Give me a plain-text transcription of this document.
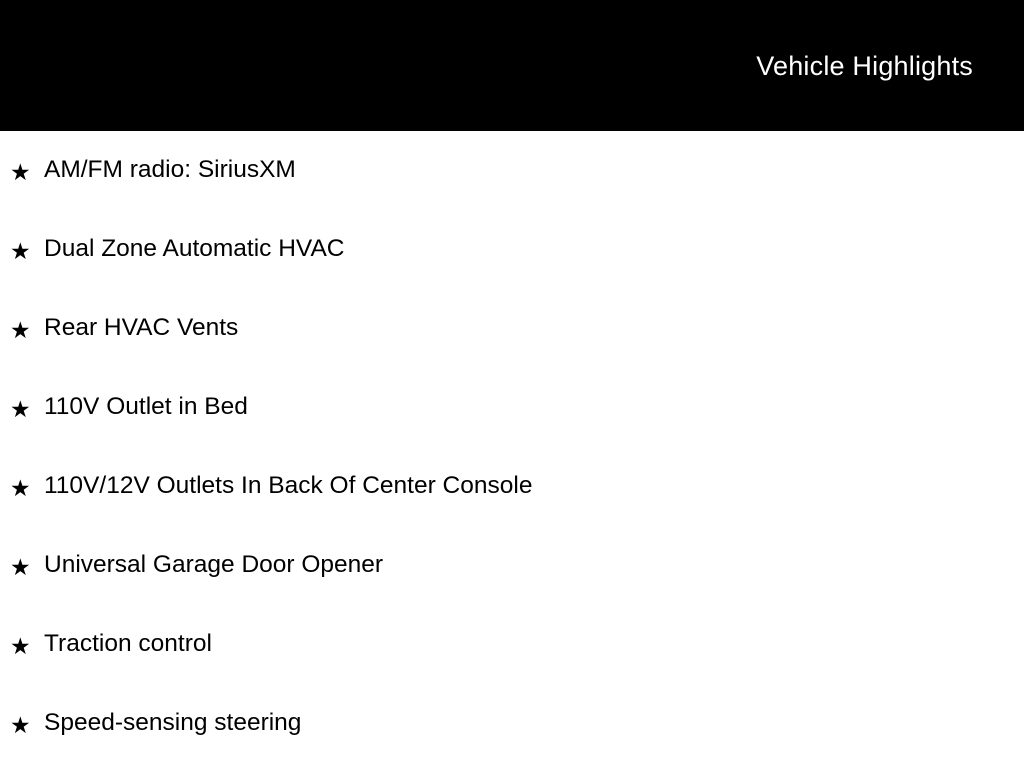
Vehicle Highlights
★ AM/FM radio: SiriusXM
★ Dual Zone Automatic HVAC
★ Rear HVAC Vents
★ 110V Outlet in Bed
★ 110V/12V Outlets In Back Of Center Console
★ Universal Garage Door Opener
★ Traction control
★ Speed-sensing steering
